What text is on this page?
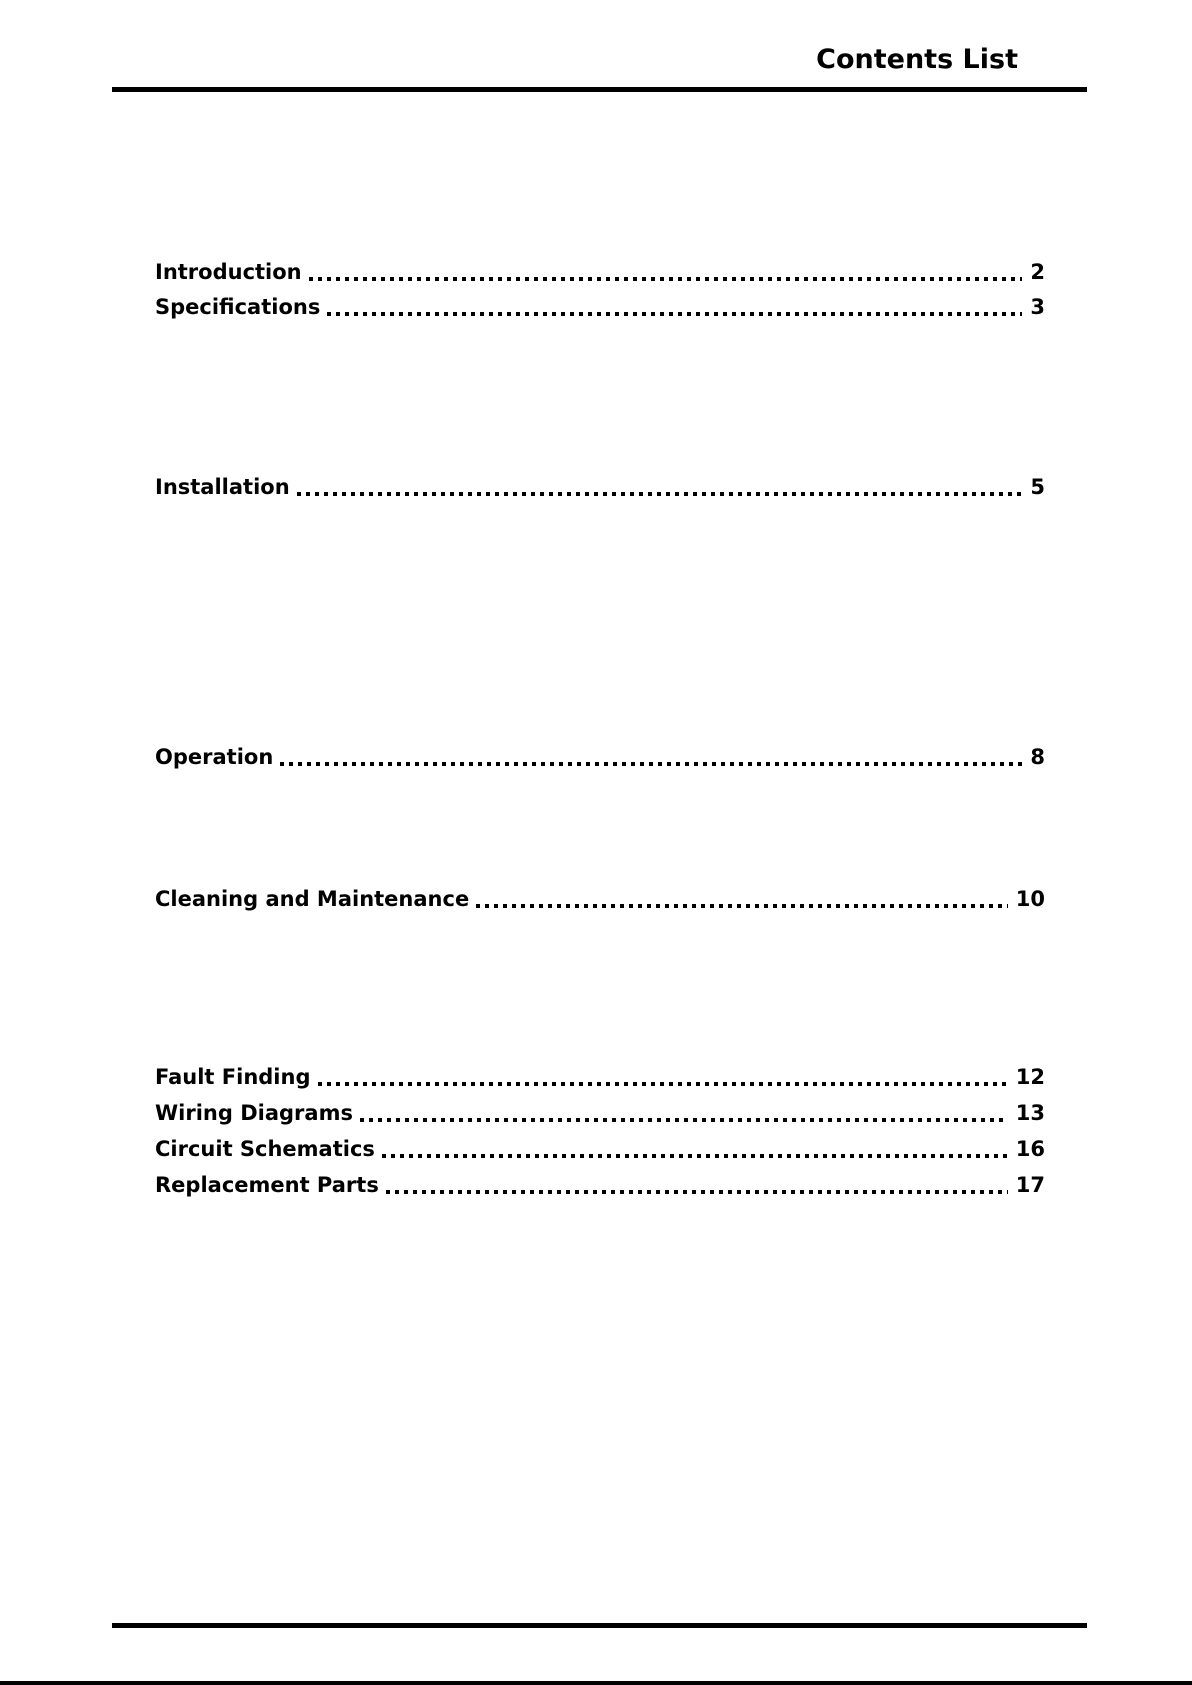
Contents List
Introduction	2
Specifications	3
Installation	5
Operation	8
Cleaning and Maintenance	10
Fault Finding	12
Wiring Diagrams	13
Circuit Schematics	16
Replacement Parts	17
